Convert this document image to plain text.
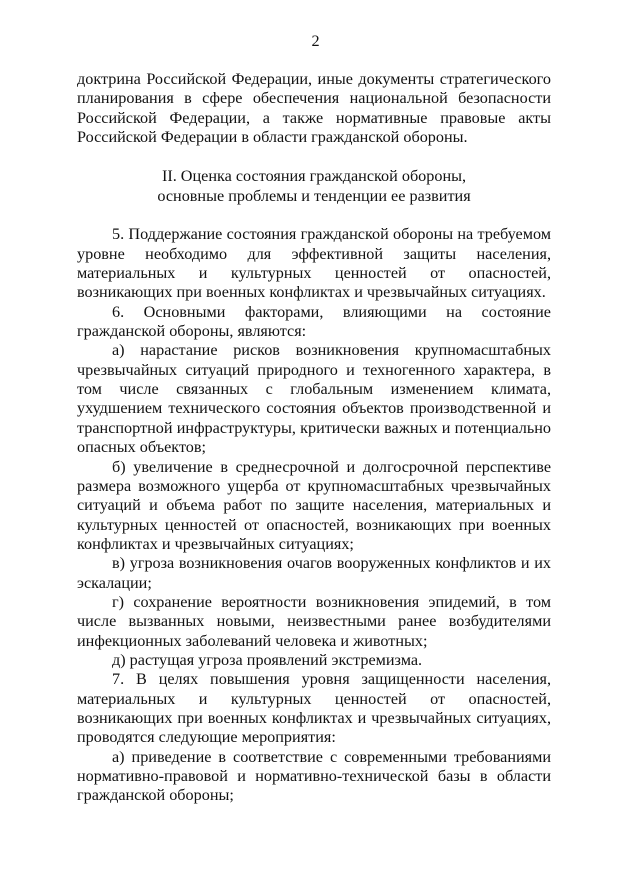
2

доктрина Российской Федерации, иные документы стратегического планирования в сфере обеспечения национальной безопасности Российской Федерации, а также нормативные правовые акты Российской Федерации в области гражданской обороны.

II. Оценка состояния гражданской обороны,

основные проблемы и тенденции ее развития

5. Поддержание состояния гражданской обороны на требуемом уровне необходимо для эффективной защиты населения, материальных и культурных ценностей от опасностей, возникающих при военных конфликтах и чрезвычайных ситуациях.

6. Основными факторами, влияющими на состояние гражданской обороны, являются:

а) нарастание рисков возникновения крупномасштабных чрезвычайных ситуаций природного и техногенного характера, в том числе связанных с глобальным изменением климата, ухудшением технического состояния объектов производственной и транспортной инфраструктуры, критически важных и потенциально опасных объектов;

б) увеличение в среднесрочной и долгосрочной перспективе размера возможного ущерба от крупномасштабных чрезвычайных ситуаций и объема работ по защите населения, материальных и культурных ценностей от опасностей, возникающих при военных конфликтах и чрезвычайных ситуациях;

в) угроза возникновения очагов вооруженных конфликтов и их эскалации;

г) сохранение вероятности возникновения эпидемий, в том числе вызванных новыми, неизвестными ранее возбудителями инфекционных заболеваний человека и животных;

д) растущая угроза проявлений экстремизма.

7. В целях повышения уровня защищенности населения, материальных и культурных ценностей от опасностей, возникающих при военных конфликтах и чрезвычайных ситуациях, проводятся следующие мероприятия:

а) приведение в соответствие с современными требованиями нормативно-правовой и нормативно-технической базы в области гражданской обороны;
